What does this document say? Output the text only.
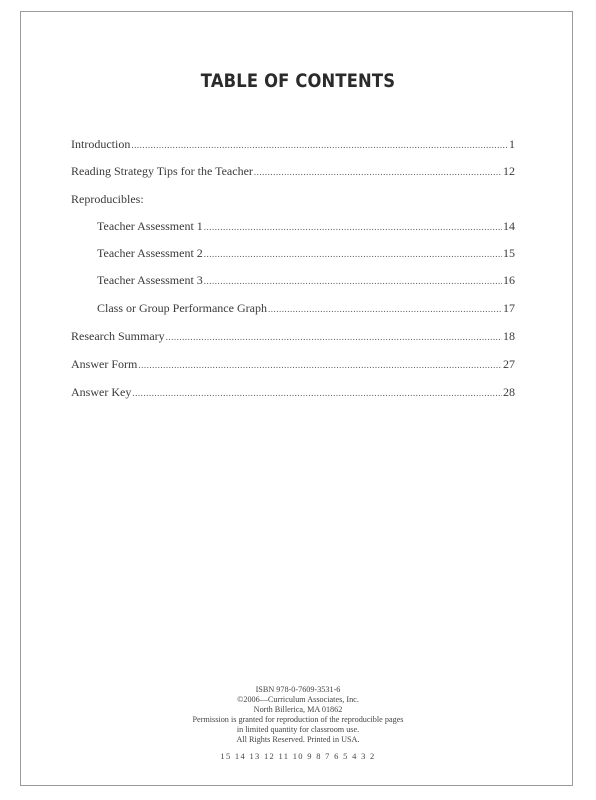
TABLE OF CONTENTS
Introduction .....	1
Reading Strategy Tips for the Teacher .....	12
Reproducibles:
Teacher Assessment 1 .....	14
Teacher Assessment 2 .....	15
Teacher Assessment 3 .....	16
Class or Group Performance Graph .....	17
Research Summary .....	18
Answer Form .....	27
Answer Key .....	28
ISBN 978-0-7609-3531-6
©2006—Curriculum Associates, Inc.
North Billerica, MA 01862
Permission is granted for reproduction of the reproducible pages
in limited quantity for classroom use.
All Rights Reserved. Printed in USA.
15 14 13 12 11 10 9 8 7 6 5 4 3 2
